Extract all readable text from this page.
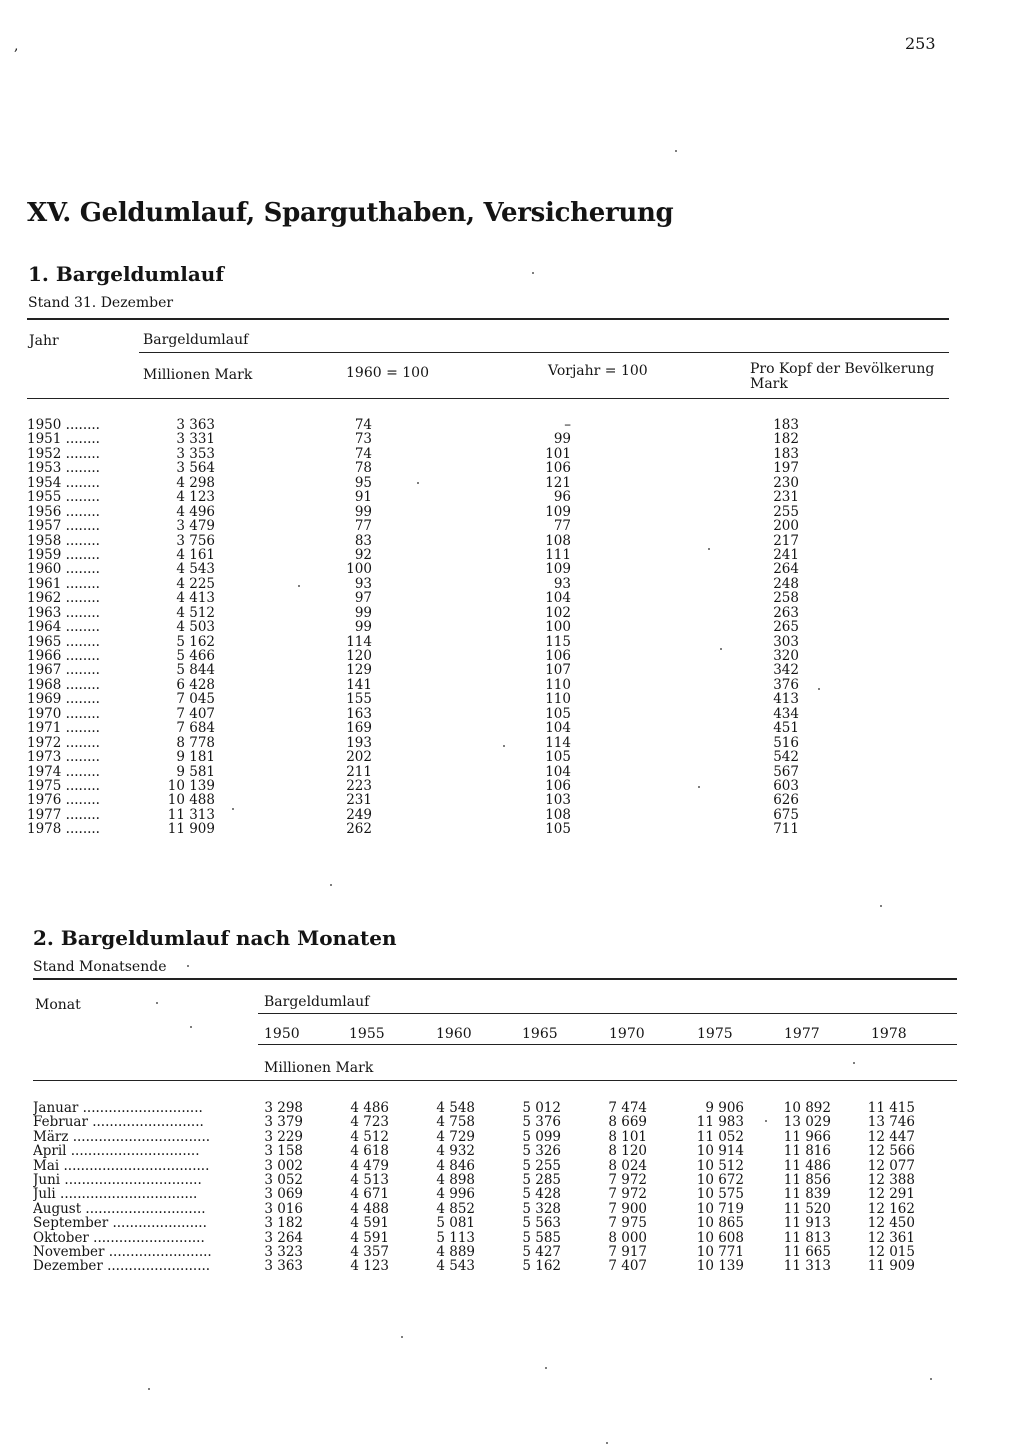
,	253
XV. Geldumlauf, Sparguthaben, Versicherung
1. Bargeldumlauf
Stand 31. Dezember
Jahr	Bargeldumlauf
Millionen Mark	1960 = 100	Vorjahr = 100	Pro Kopf der Bevölkerung
Mark
1950 ........	3 363	74	–	183
1951 ........	3 331	73	99	182
1952 ........	3 353	74	101	183
1953 ........	3 564	78	106	197
1954 ........	4 298	95	121	230
1955 ........	4 123	91	96	231
1956 ........	4 496	99	109	255
1957 ........	3 479	77	77	200
1958 ........	3 756	83	108	217
1959 ........	4 161	92	111	241
1960 ........	4 543	100	109	264
1961 ........	4 225	93	93	248
1962 ........	4 413	97	104	258
1963 ........	4 512	99	102	263
1964 ........	4 503	99	100	265
1965 ........	5 162	114	115	303
1966 ........	5 466	120	106	320
1967 ........	5 844	129	107	342
1968 ........	6 428	141	110	376
1969 ........	7 045	155	110	413
1970 ........	7 407	163	105	434
1971 ........	7 684	169	104	451
1972 ........	8 778	193	114	516
1973 ........	9 181	202	105	542
1974 ........	9 581	211	104	567
1975 ........	10 139	223	106	603
1976 ........	10 488	231	103	626
1977 ........	11 313	249	108	675
1978 ........	11 909	262	105	711
2. Bargeldumlauf nach Monaten
Stand Monatsende
Monat	Bargeldumlauf
1950	1955	1960	1965	1970	1975	1977	1978
Millionen Mark
Januar ............................	3 298	4 486	4 548	5 012	7 474	9 906	10 892	11 415
Februar ..........................	3 379	4 723	4 758	5 376	8 669	11 983	13 029	13 746
März ................................	3 229	4 512	4 729	5 099	8 101	11 052	11 966	12 447
April ..............................	3 158	4 618	4 932	5 326	8 120	10 914	11 816	12 566
Mai ..................................	3 002	4 479	4 846	5 255	8 024	10 512	11 486	12 077
Juni ................................	3 052	4 513	4 898	5 285	7 972	10 672	11 856	12 388
Juli ................................	3 069	4 671	4 996	5 428	7 972	10 575	11 839	12 291
August ............................	3 016	4 488	4 852	5 328	7 900	10 719	11 520	12 162
September ......................	3 182	4 591	5 081	5 563	7 975	10 865	11 913	12 450
Oktober ..........................	3 264	4 591	5 113	5 585	8 000	10 608	11 813	12 361
November ........................	3 323	4 357	4 889	5 427	7 917	10 771	11 665	12 015
Dezember ........................	3 363	4 123	4 543	5 162	7 407	10 139	11 313	11 909
